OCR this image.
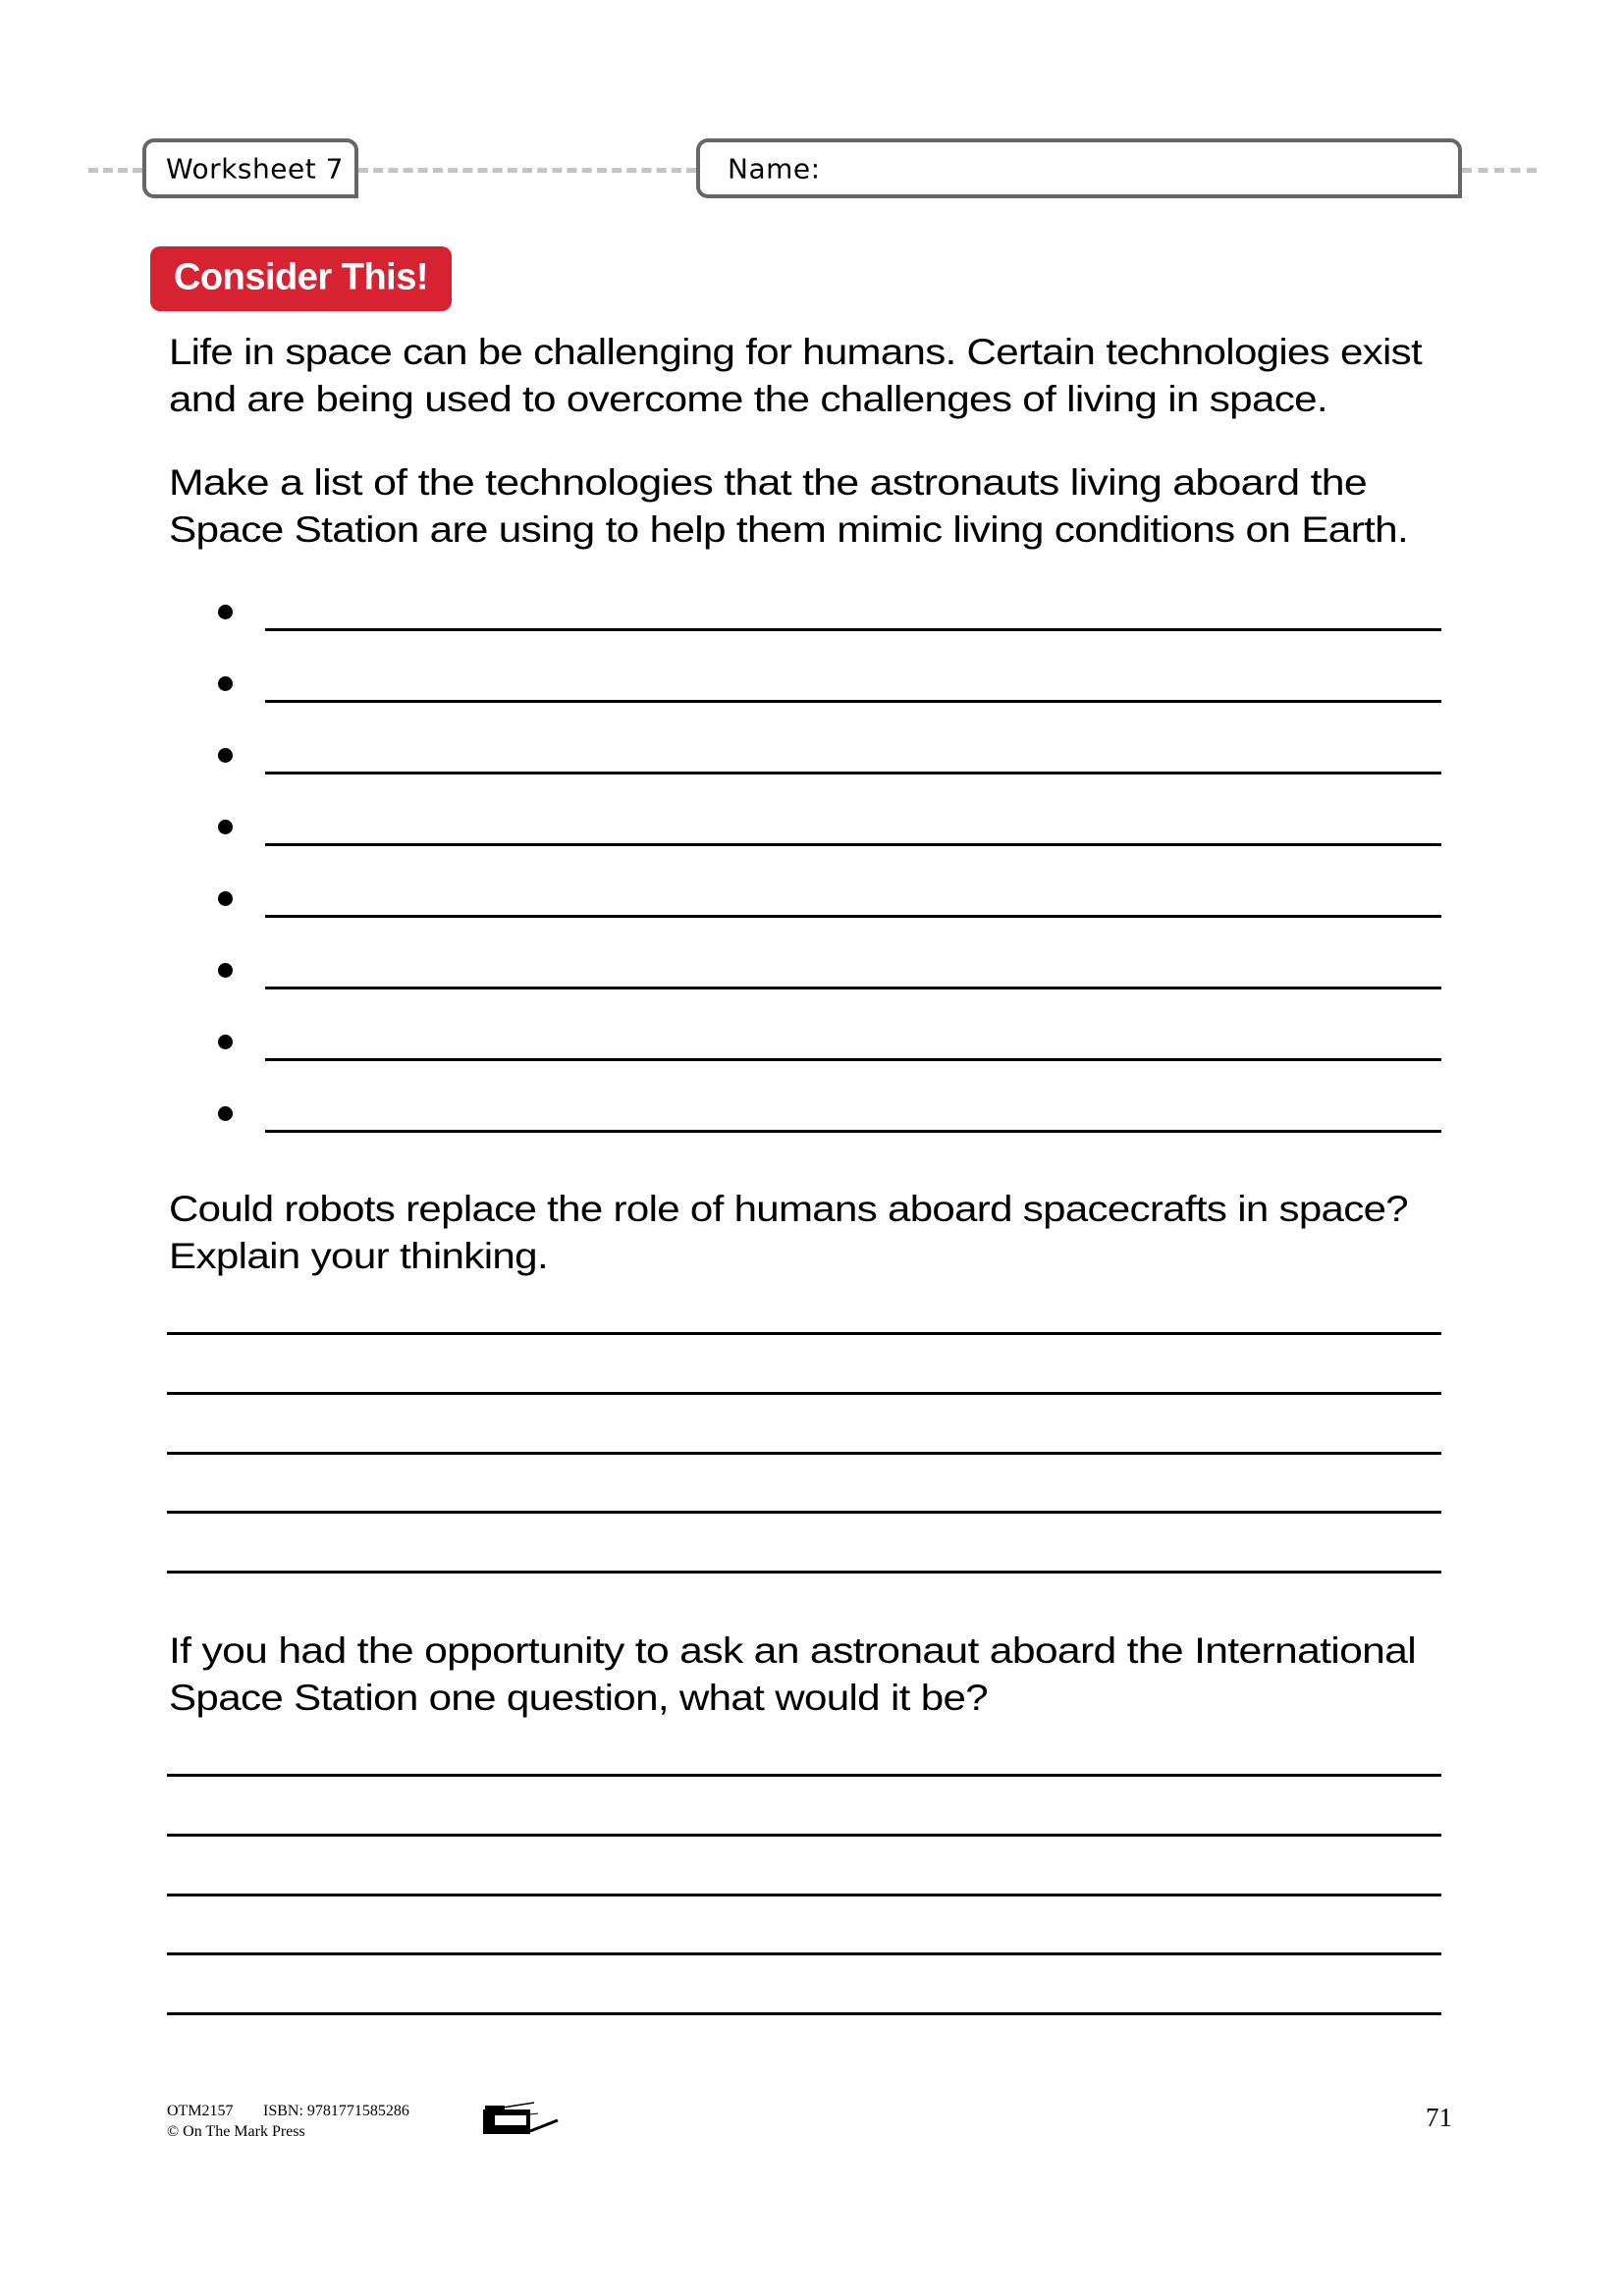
Worksheet 7	Name:
Consider This!
Life in space can be challenging for humans. Certain technologies exist
and are being used to overcome the challenges of living in space.
Make a list of the technologies that the astronauts living aboard the
Space Station are using to help them mimic living conditions on Earth.
Could robots replace the role of humans aboard spacecrafts in space?
Explain your thinking.
If you had the opportunity to ask an astronaut aboard the International
Space Station one question, what would it be?
OTM2157 ISBN: 9781771585286
© On The Mark Press	71
